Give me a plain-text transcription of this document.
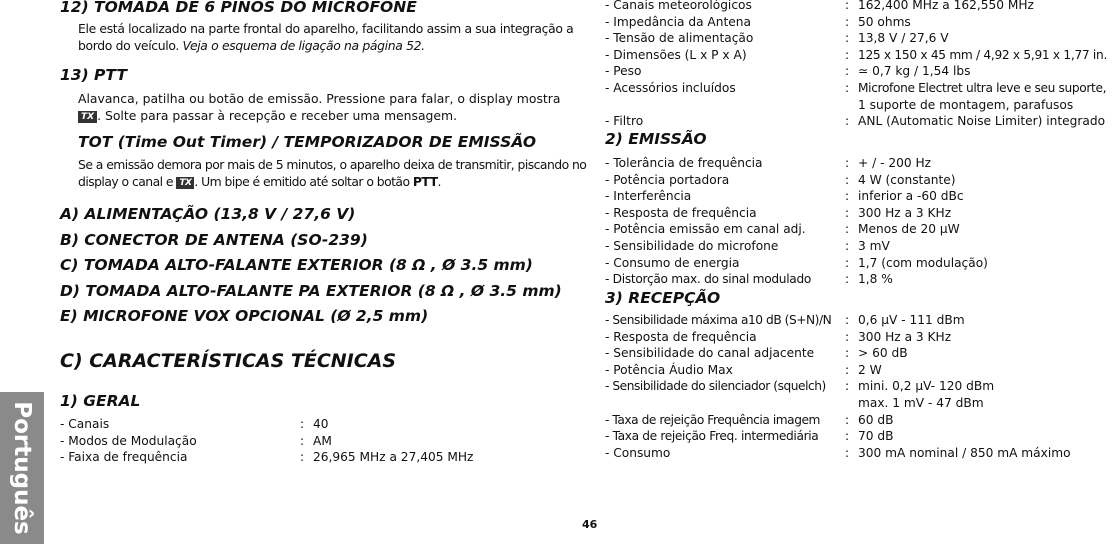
Português
12) TOMADA DE 6 PINOS DO MICROFONE

Ele está localizado na parte frontal do aparelho, facilitando assim a sua integração a bordo do veículo. Veja o esquema de ligação na página 52.

13) PTT

Alavanca, patilha ou botão de emissão. Pressione para falar, o display mostra TX . Solte para passar à recepção e receber uma mensagem.

TOT (Time Out Timer) / TEMPORIZADOR DE EMISSÃO

Se a emissão demora por mais de 5 minutos, o aparelho deixa de transmitir, piscando no display o canal e TX . Um bipe é emitido até soltar o botão PTT.

A) ALIMENTAÇÃO (13,8 V / 27,6 V)
B) CONECTOR DE ANTENA (SO-239)
C) TOMADA ALTO-FALANTE EXTERIOR (8 Ω , Ø 3.5 mm)
D) TOMADA ALTO-FALANTE PA EXTERIOR (8 Ω , Ø 3.5 mm)
E) MICROFONE VOX OPCIONAL (Ø 2,5 mm)
C) CARACTERÍSTICAS TÉCNICAS
1) GERAL
- Canais	: 40
- Modos de Modulação	: AM
- Faixa de frequência	: 26,965 MHz a 27,405 MHz
- Canais meteorológicos	: 162,400 MHz a 162,550 MHz
- Impedância da Antena	: 50 ohms
- Tensão de alimentação	: 13,8 V / 27,6 V
- Dimensões (L x P x A)	: 125 x 150 x 45 mm / 4,92 x 5,91 x 1,77 in.
- Peso	: ≃ 0,7 kg / 1,54 lbs
- Acessórios incluídos	: Microfone Electret ultra leve e seu suporte,
1 suporte de montagem, parafusos
- Filtro	: ANL (Automatic Noise Limiter) integrado
2) EMISSÃO
- Tolerância de frequência	: + / - 200 Hz
- Potência portadora	: 4 W (constante)
- Interferência	: inferior a -60 dBc
- Resposta de frequência	: 300 Hz a 3 KHz
- Potência emissão em canal adj.	: Menos de 20 µW
- Sensibilidade do microfone	: 3 mV
- Consumo de energia	: 1,7 (com modulação)
- Distorção max. do sinal modulado	: 1,8 %
3) RECEPÇÃO
- Sensibilidade máxima a10 dB (S+N)/N : 0,6 µV - 111 dBm
- Resposta de frequência	: 300 Hz a 3 KHz
- Sensibilidade do canal adjacente	: > 60 dB
- Potência Áudio Max	: 2 W
- Sensibilidade do silenciador (squelch) : mini. 0,2 µV- 120 dBm
max. 1 mV - 47 dBm
- Taxa de rejeição Frequência imagem : 60 dB
- Taxa de rejeição Freq. intermediária : 70 dB
- Consumo	: 300 mA nominal / 850 mA máximo
46
